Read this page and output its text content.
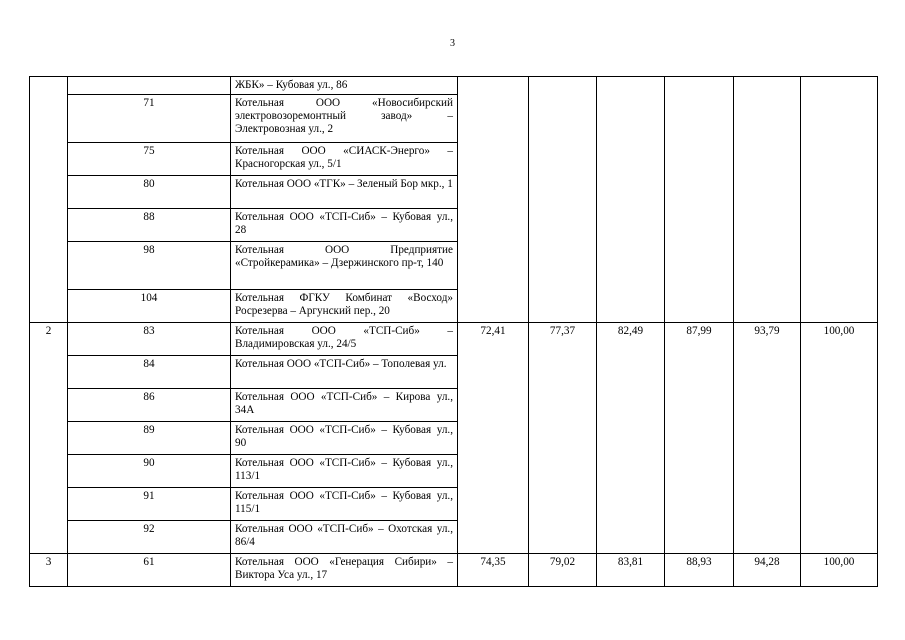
3
		ЖБК» – Кубовая ул., 86						
	71	Котельная ООО «Новосибирский электровозоремонтный завод» – Электровозная ул., 2						
	75	Котельная ООО «СИАСК-Энерго» – Красногорская ул., 5/1						
	80	Котельная ООО «ТГК» – Зеленый Бор мкр., 1						
	88	Котельная ООО «ТСП-Сиб» – Кубовая ул., 28						
	98	Котельная ООО Предприятие «Стройкерамика» – Дзержинского пр-т, 140						
	104	Котельная ФГКУ Комбинат «Восход» Росрезерва – Аргунский пер., 20						
2	83	Котельная ООО «ТСП-Сиб» – Владимировская ул., 24/5	72,41	77,37	82,49	87,99	93,79	100,00
	84	Котельная ООО «ТСП-Сиб» – Тополевая ул.						
	86	Котельная ООО «ТСП-Сиб» – Кирова ул., 34А						
	89	Котельная ООО «ТСП-Сиб» – Кубовая ул., 90						
	90	Котельная ООО «ТСП-Сиб» – Кубовая ул., 113/1						
	91	Котельная ООО «ТСП-Сиб» – Кубовая ул., 115/1						
	92	Котельная ООО «ТСП-Сиб» – Охотская ул., 86/4						
3	61	Котельная ООО «Генерация Сибири» – Виктора Уса ул., 17	74,35	79,02	83,81	88,93	94,28	100,00
